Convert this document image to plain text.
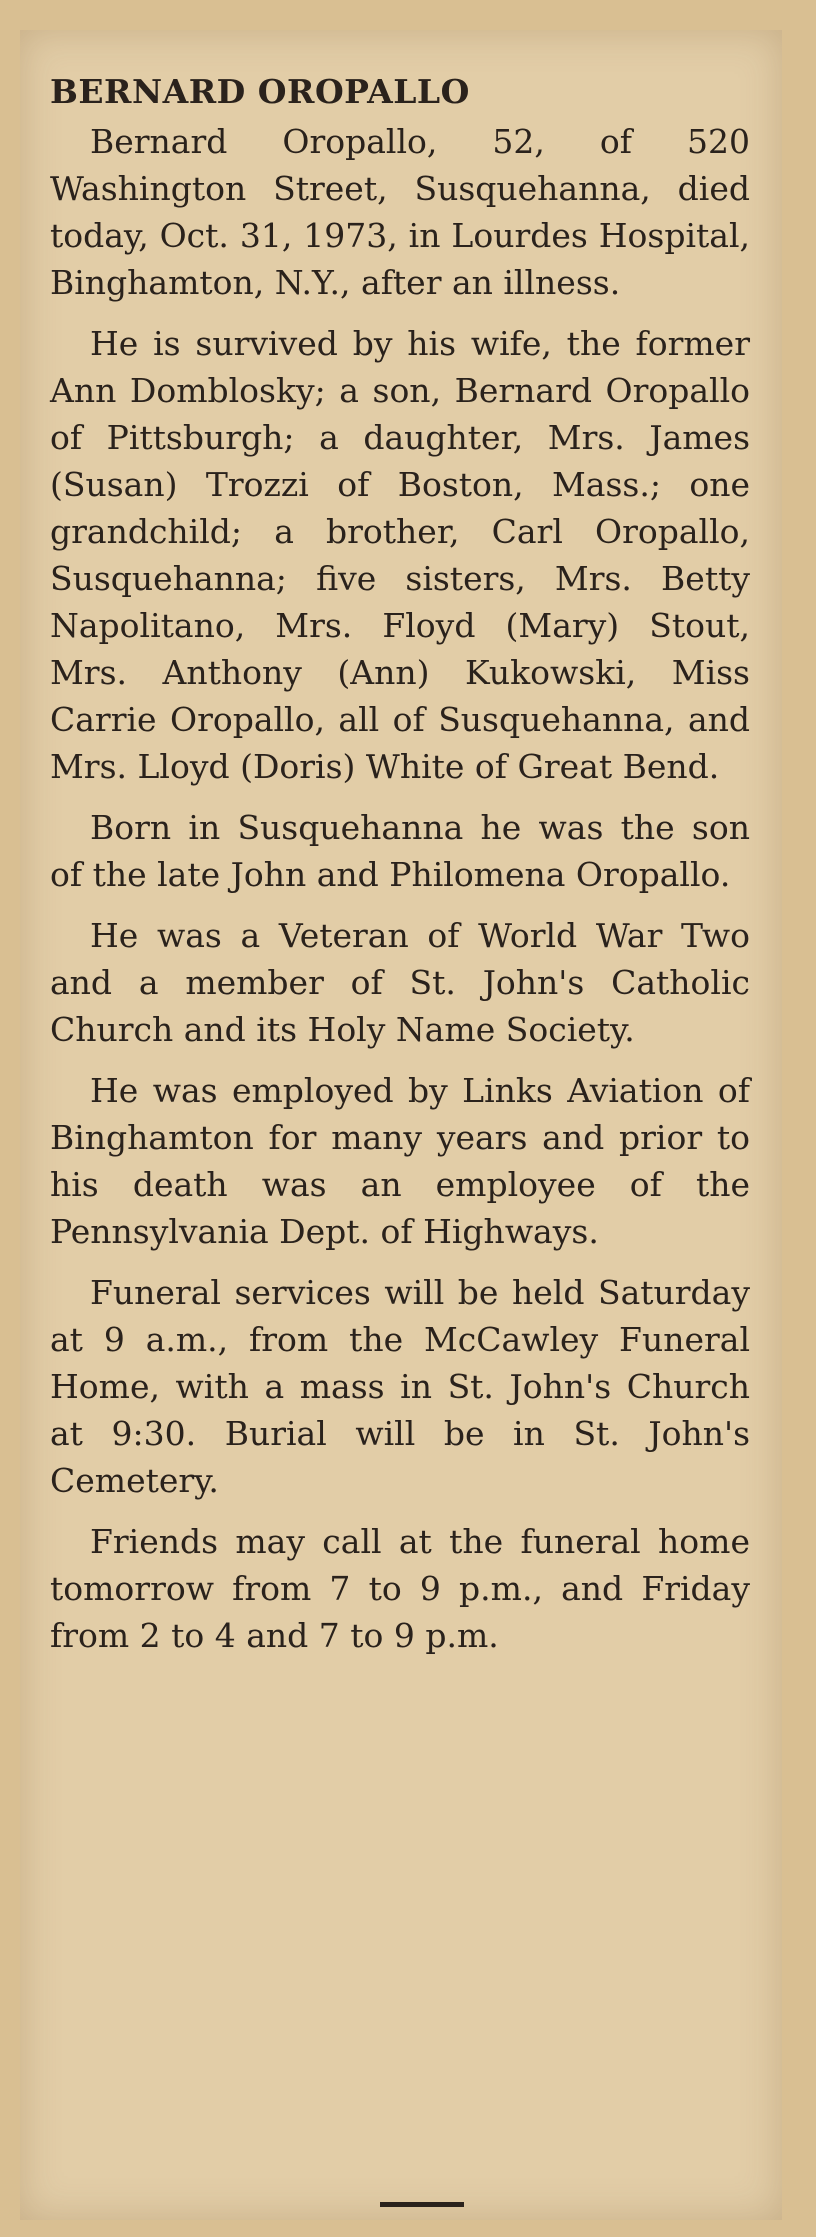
BERNARD OROPALLO

Bernard Oropallo, 52, of 520 Washington Street, Susquehanna, died today, Oct. 31, 1973, in Lourdes Hospital, Binghamton, N.Y., after an illness.

He is survived by his wife, the former Ann Domblosky; a son, Bernard Oropallo of Pittsburgh; a daughter, Mrs. James (Susan) Trozzi of Boston, Mass.; one grandchild; a brother, Carl Oropallo, Susquehanna; five sisters, Mrs. Betty Napolitano, Mrs. Floyd (Mary) Stout, Mrs. Anthony (Ann) Kukowski, Miss Carrie Oropallo, all of Susquehanna, and Mrs. Lloyd (Doris) White of Great Bend.

Born in Susquehanna he was the son of the late John and Philomena Oropallo.

He was a Veteran of World War Two and a member of St. John's Catholic Church and its Holy Name Society.

He was employed by Links Aviation of Binghamton for many years and prior to his death was an employee of the Pennsylvania Dept. of Highways.

Funeral services will be held Saturday at 9 a.m., from the McCawley Funeral Home, with a mass in St. John's Church at 9:30. Burial will be in St. John's Cemetery.

Friends may call at the funeral home tomorrow from 7 to 9 p.m., and Friday from 2 to 4 and 7 to 9 p.m.
